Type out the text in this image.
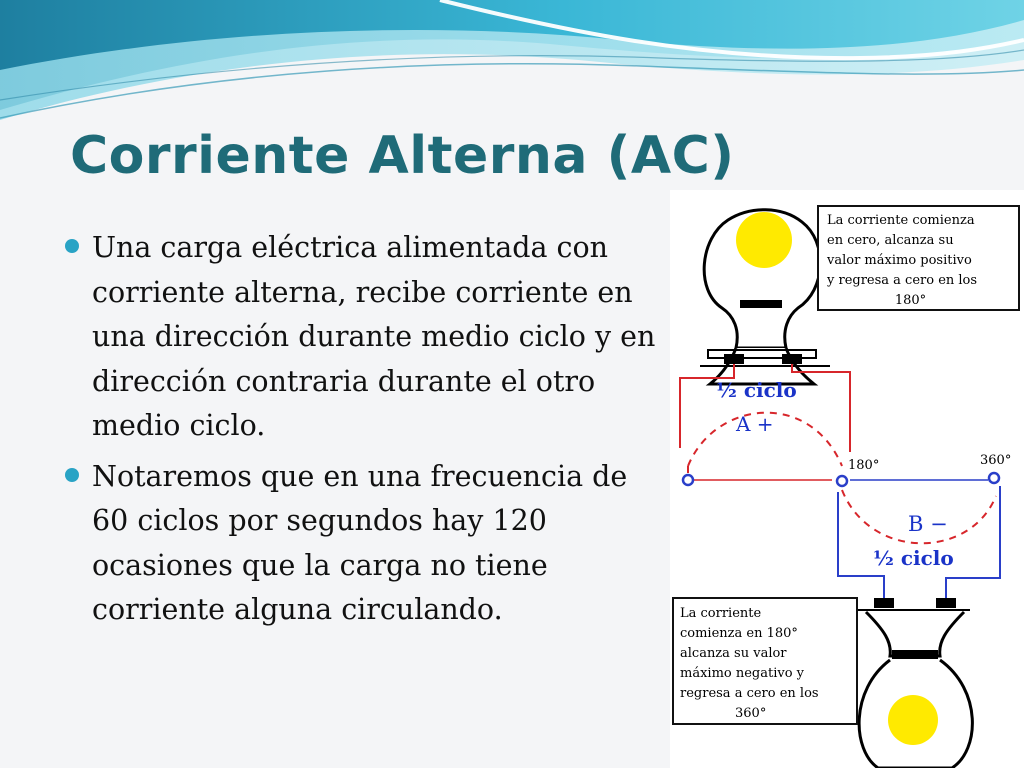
Corriente Alterna (AC)
Una carga eléctrica alimentada con corriente alterna, recibe corriente en una dirección durante medio ciclo y en dirección contraria durante el otro medio ciclo.
Notaremos que en una frecuencia de 60 ciclos por segundos hay 120 ocasiones que la carga no tiene corriente alguna circulando.
La corriente comienza
en cero, alcanza su
valor máximo positivo
y regresa a cero en los
180°
La corriente
comienza en 180°
alcanza su valor
máximo negativo y
regresa a cero en los
360°
½ ciclo
A +
180°	360°
B −
½ ciclo
